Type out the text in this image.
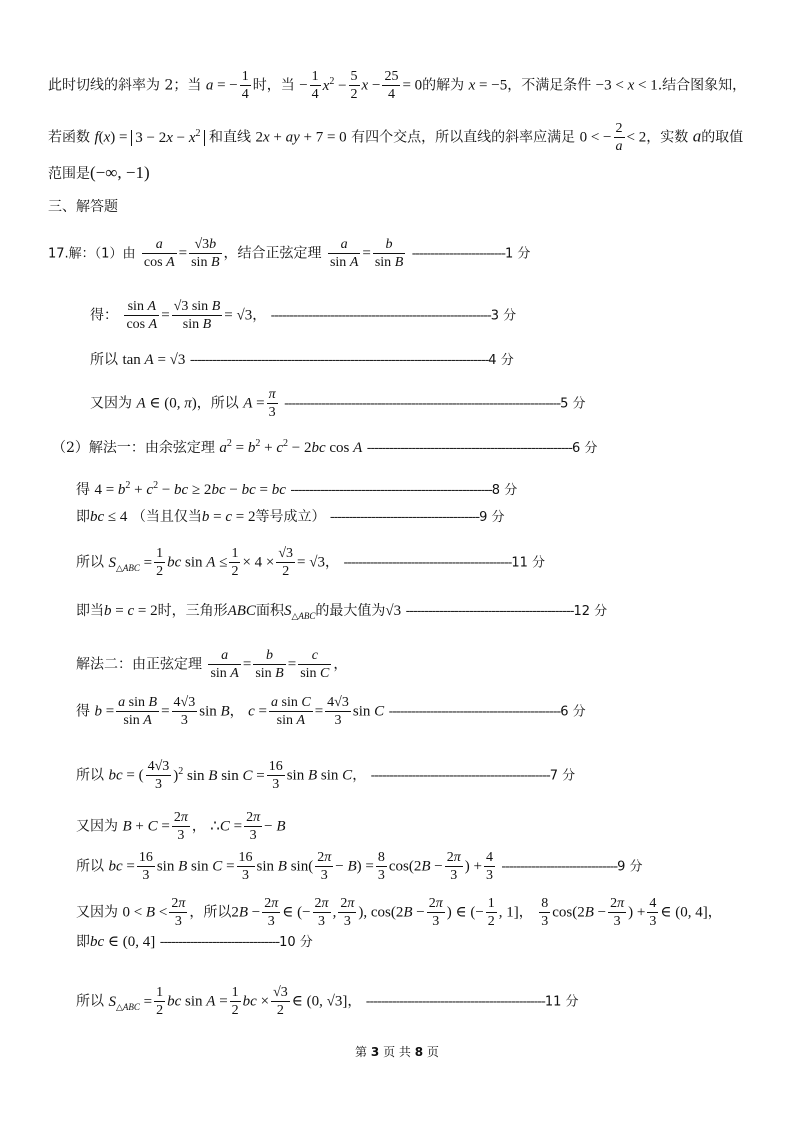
此时切线的斜率为 2；当 a = − $\frac{1}{4}$ 时，当 − $\frac{1}{4} x^2 - \frac{5}{2}$ $x - \frac{25}{4} = 0$的解为 x = −5，不满足条件 −3 < x < 1.结合图象知，
若函数 $f(x) = 3 - 2x - x^2$ 和直线 2x + ay + 7 = 0 有四个交点，所以直线的斜率应满足 0 < − $\frac{2}{a} < 2$，实数 a的取值
范围是(−∞, −1)
三、解答题
17.解：（1）由 $\frac{a}{\text{cos A}} = \frac{√3b}{\text{sin B}}$ ，结合正弦定理 $\frac{a}{\text{sin A}} = \frac{b}{\text{sin B}} -------------------------1$ 分
得： $\frac{\text{sin A}}{\text{cos A}} = \frac{\text{√3 sin B}}{\text{sin B}} = √3$， -----------------------------------------------------------3 分
所以 tan A = √3 --------------------------------------------------------------------------------4 分
又因为 A ∈ (0, π)，所以 $A = \frac{\pi}{3} --------------------------------------------------------------------------5$ 分
（2）解法一：由余弦定理 $a^2 = b^2 + c^2 - 2bc$ cos A -------------------------------------------------------6 分
得 $4 = b^2 + c^2$ − bc ≥ 2bc − bc = bc ------------------------------------------------------8 分
即bc ≤ 4 （当且仅当b = c = 2等号成立） ----------------------------------------9 分
所以 $S_{\triangle ABC} = \frac{1}{2}$ bc $\sin A \le \frac{1}{2} \times 4 \times \frac{√3}{2} = √3$， ---------------------------------------------11 分
即当b = c = 2时，三角形ABC面积$S_{\triangle ABC}$的最大值为√3 ---------------------------------------------12 分
解法二：由正弦定理 $\frac{a}{\text{sin A}} = \frac{b}{\text{sin B}} = \frac{c}{\text{sin C}}$ ，
得 $b = \frac{\text{a sin B}}{\text{sin A}} = \frac{4√3}{3}$ sin B， $c = \frac{\text{a sin C}}{\text{sin A}} = \frac{4√3}{3}$ sin C ----------------------------------------------6 分
所以 bc = ( $\frac{4√3}{3} )^2$ sin B $\sin C = \frac{16}{3}$ sin B sin C， ------------------------------------------------7 分
又因为 $B + C = \frac{2\pi}{3}$ ， ∴C = $\frac{2\pi}{3} - B$
所以 bc = $\frac{16}{3}$ sin B $\sin C = \frac{16}{3}$ sin B $\sin( \frac{2\pi}{3} - B) = \frac{8}{3} \cos(2B - \frac{2\pi}{3}$ ) + $\frac{4}{3} -------------------------------9$ 分
又因为 $0 < B < \frac{2\pi}{3}$ ，所以$2B - \frac{2\pi}{3}$ ∈ (− $\frac{2\pi}{3}$ , $\frac{2\pi}{3}$ ), $\cos(2B - \frac{2\pi}{3}$ ) ∈ (− $\frac{1}{2}$ , 1]， $\frac{8}{3} \cos(2B - \frac{2\pi}{3}$ ) + $\frac{4}{3}$ ∈ (0, 4]，
即bc ∈ (0, 4] --------------------------------10 分
所以 $S_{\triangle ABC} = \frac{1}{2}$ bc $\sin A = \frac{1}{2}$ bc × $\frac{√3}{2}$ ∈ (0, √3]， ------------------------------------------------11 分
第 3 页 共 8 页
